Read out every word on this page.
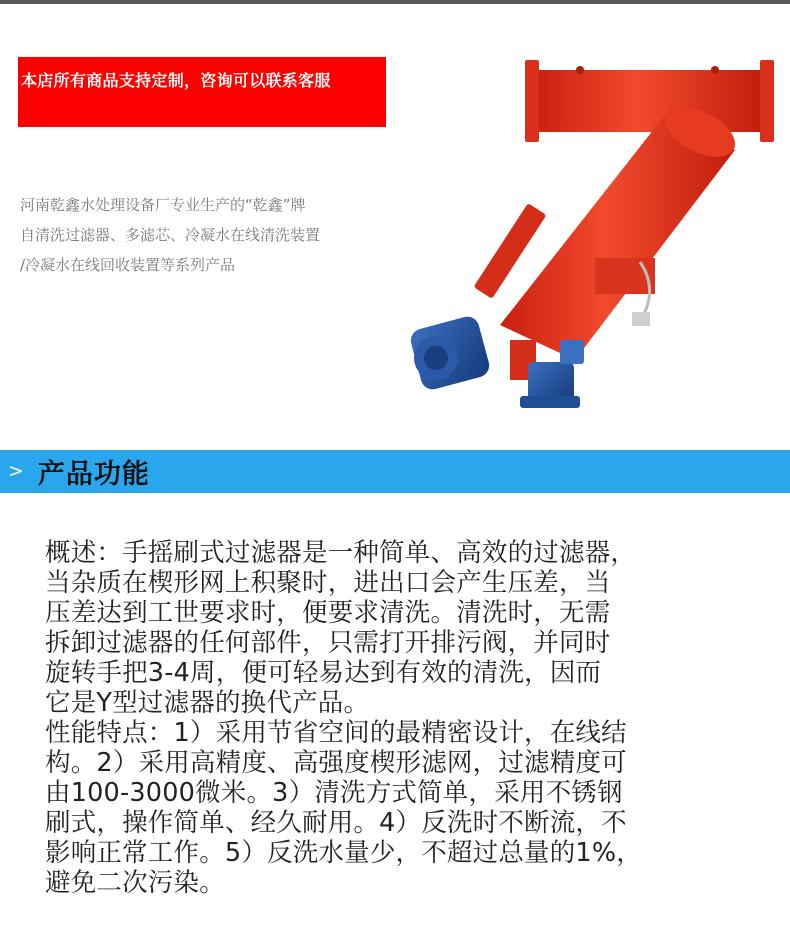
本店所有商品支持定制，咨询可以联系客服
河南乾鑫水处理设备厂专业生产的“乾鑫”牌
自清洗过滤器、多滤芯、冷凝水在线清洗装置
/冷凝水在线回收装置等系列产品
> 产品功能
概述：手摇刷式过滤器是一种简单、高效的过滤器，
当杂质在楔形网上积聚时，进出口会产生压差，当
压差达到工世要求时，便要求清洗。清洗时，无需
拆卸过滤器的任何部件，只需打开排污阀，并同时
旋转手把3-4周，便可轻易达到有效的清洗，因而
它是Y型过滤器的换代产品。
性能特点：1）采用节省空间的最精密设计，在线结
构。2）采用高精度、高强度楔形滤网，过滤精度可
由100-3000微米。3）清洗方式简单，采用不锈钢
刷式，操作简单、经久耐用。4）反洗时不断流，不
影响正常工作。5）反洗水量少，不超过总量的1%，
避免二次污染。
